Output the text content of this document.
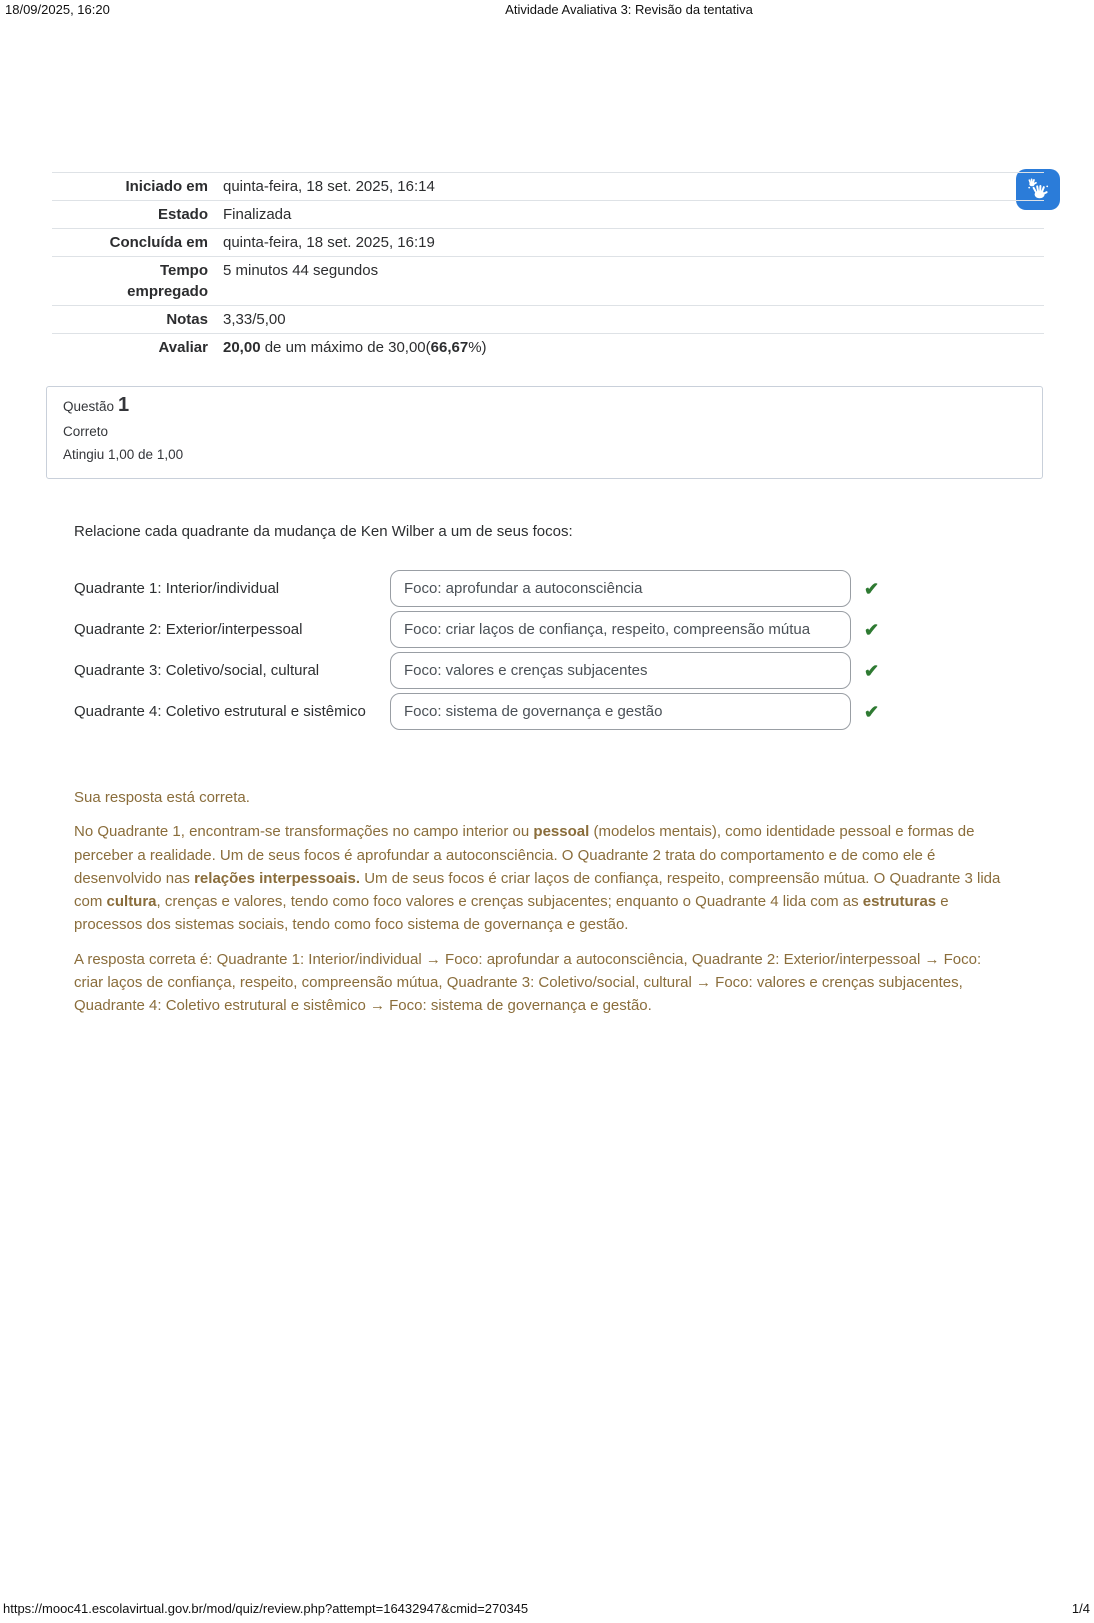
18/09/2025, 16:20	Atividade Avaliativa 3: Revisão da tentativa
Iniciado em	quinta-feira, 18 set. 2025, 16:14
Estado	Finalizada
Concluída em	quinta-feira, 18 set. 2025, 16:19
Tempo empregado	5 minutos 44 segundos
Notas	3,33/5,00
Avaliar	20,00 de um máximo de 30,00(66,67%)
Questão 1
Correto
Atingiu 1,00 de 1,00
Relacione cada quadrante da mudança de Ken Wilber a um de seus focos:
Quadrante 1: Interior/individual	Foco: aprofundar a autoconsciência	✔
Quadrante 2: Exterior/interpessoal	Foco: criar laços de confiança, respeito, compreensão mútua	✔
Quadrante 3: Coletivo/social, cultural	Foco: valores e crenças subjacentes	✔
Quadrante 4: Coletivo estrutural e sistêmico	Foco: sistema de governança e gestão	✔

Sua resposta está correta.

No Quadrante 1, encontram-se transformações no campo interior ou pessoal (modelos mentais), como identidade pessoal e formas de perceber a realidade. Um de seus focos é aprofundar a autoconsciência. O Quadrante 2 trata do comportamento e de como ele é desenvolvido nas relações interpessoais. Um de seus focos é criar laços de confiança, respeito, compreensão mútua. O Quadrante 3 lida com cultura, crenças e valores, tendo como foco valores e crenças subjacentes; enquanto o Quadrante 4 lida com as estruturas e processos dos sistemas sociais, tendo como foco sistema de governança e gestão.

A resposta correta é: Quadrante 1: Interior/individual → Foco: aprofundar a autoconsciência, Quadrante 2: Exterior/interpessoal → Foco: criar laços de confiança, respeito, compreensão mútua, Quadrante 3: Coletivo/social, cultural → Foco: valores e crenças subjacentes, Quadrante 4: Coletivo estrutural e sistêmico → Foco: sistema de governança e gestão.

https://mooc41.escolavirtual.gov.br/mod/quiz/review.php?attempt=16432947&cmid=270345	1/4
